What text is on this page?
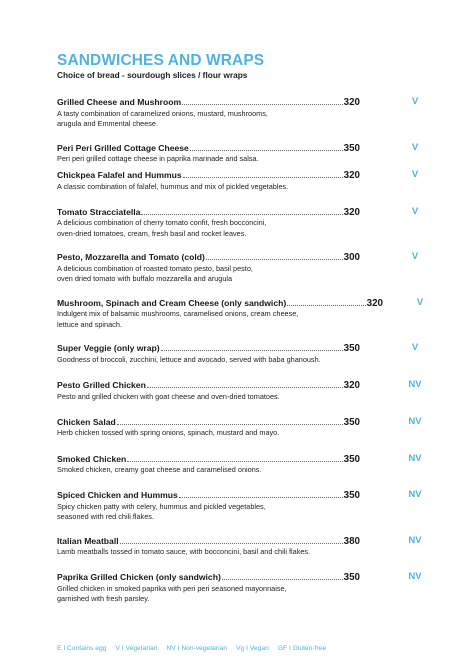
SANDWICHES AND WRAPS
Choice of bread - sourdough slices / flour wraps
Grilled Cheese and Mushroom	320	V
A tasty combination of caramelized onions, mustard, mushrooms,
arugula and Emmental cheese.
Peri Peri Grilled Cottage Cheese	350	V
Peri peri grilled cottage cheese in paprika marinade and salsa.
Chickpea Falafel and Hummus	320	V
A classic combination of falafel, hummus and mix of pickled vegetables.
Tomato Stracciatella	320	V
A delicious combination of cherry tomato confit, fresh bocconcini,
oven-dried tomatoes, cream, fresh basil and rocket leaves.
Pesto, Mozzarella and Tomato (cold)	300	V
A delicious combination of roasted tomato pesto, basil pesto,
oven dried tomato with buffalo mozzarella and arugula
Mushroom, Spinach and Cream Cheese (only sandwich)	320	V
Indulgent mix of balsamic mushrooms, caramelised onions, cream cheese,
lettuce and spinach.
Super Veggie (only wrap)	350	V
Goodness of broccoli, zucchini, lettuce and avocado, served with baba ghanoush.
Pesto Grilled Chicken	320	NV
Pesto and grilled chicken with goat cheese and oven-dried tomatoes.
Chicken Salad	350	NV
Herb chicken tossed with spring onions, spinach, mustard and mayo.
Smoked Chicken	350	NV
Smoked chicken, creamy goat cheese and caramelised onions.
Spiced Chicken and Hummus	350	NV
Spicy chicken patty with celery, hummus and pickled vegetables,
seasoned with red chili flakes.
Italian Meatball	380	NV
Lamb meatballs tossed in tomato sauce, with bocconcini, basil and chili flakes.
Paprika Grilled Chicken (only sandwich)	350	NV
Grilled chicken in smoked paprika with peri peri seasoned mayonnaise,
garnished with fresh parsley.
E I Contains egg V I Vegetarian NV I Non-vegetarian Vg I Vegan GF I Gluten-free
